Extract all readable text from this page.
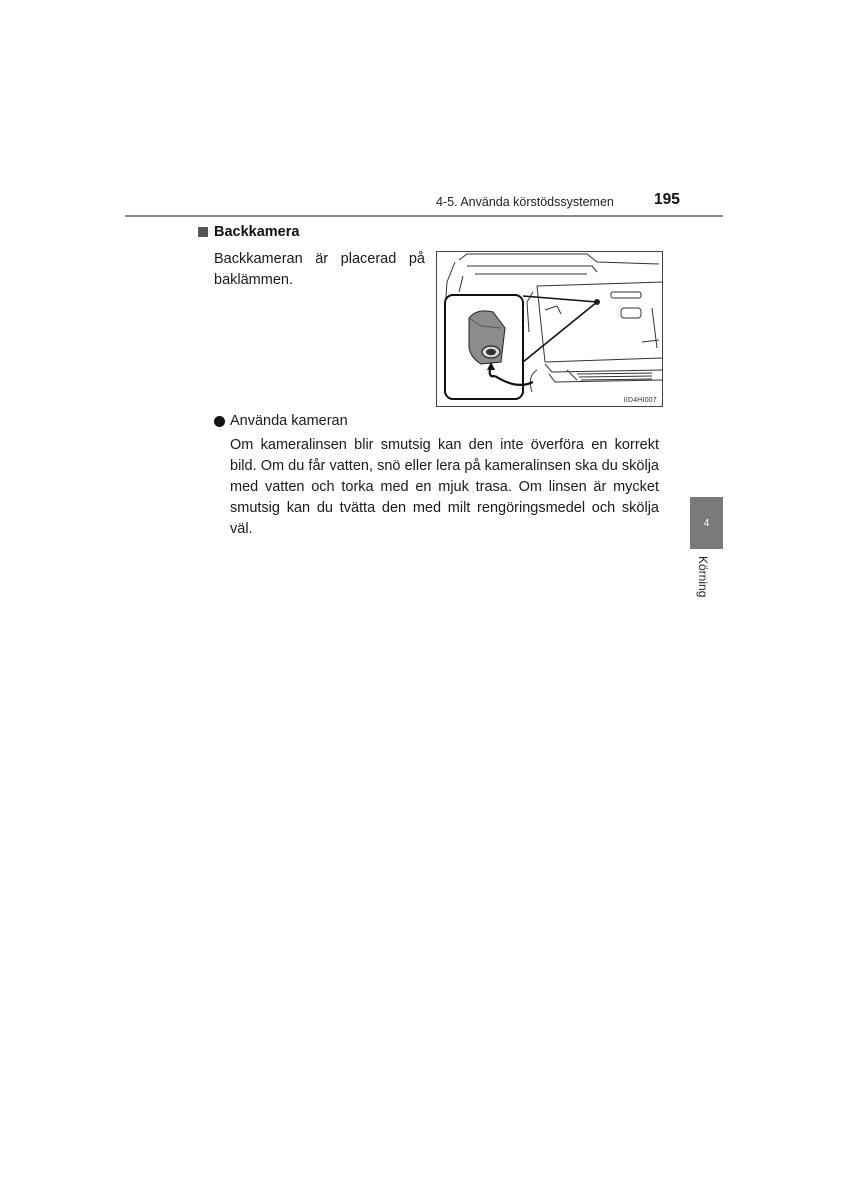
4-5. Använda körstödssystemen	195
Backkamera
Backkameran är placerad på baklämmen.
IID4HI007
Använda kameran
Om kameralinsen blir smutsig kan den inte överföra en korrekt bild. Om du får vatten, snö eller lera på kameralinsen ska du skölja med vatten och torka med en mjuk trasa. Om linsen är mycket smutsig kan du tvätta den med milt rengöringsmedel och skölja väl.	4
Körning
